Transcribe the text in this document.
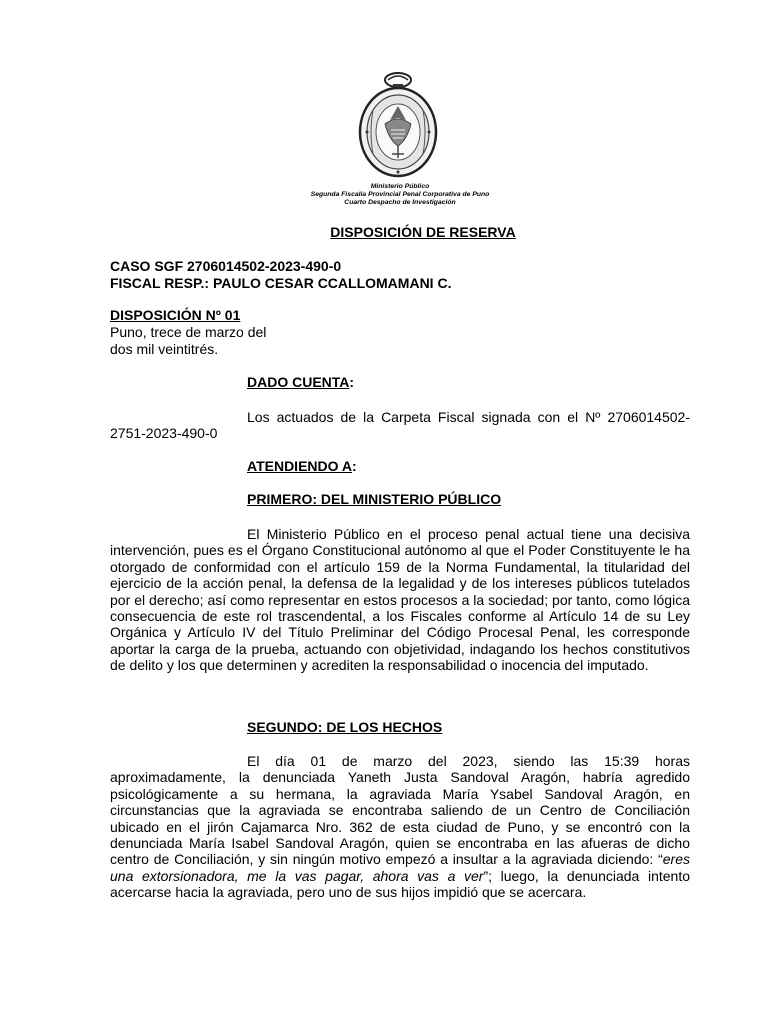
Ministerio Público
Segunda Fiscalía Provincial Penal Corporativa de Puno
Cuarto Despacho de Investigación
DISPOSICIÓN DE RESERVA
CASO SGF 2706014502-2023-490-0
FISCAL RESP.: PAULO CESAR CCALLOMAMANI C.
DISPOSICIÓN Nº 01
Puno, trece de marzo del
dos mil veintitrés.
DADO CUENTA:
Los actuados de la Carpeta Fiscal signada con el Nº 2706014502-2751-2023-490-0
ATENDIENDO A:
PRIMERO: DEL MINISTERIO PÚBLICO
El Ministerio Público en el proceso penal actual tiene una decisiva intervención, pues es el Órgano Constitucional autónomo al que el Poder Constituyente le ha otorgado de conformidad con el artículo 159 de la Norma Fundamental, la titularidad del ejercicio de la acción penal, la defensa de la legalidad y de los intereses públicos tutelados por el derecho; así como representar en estos procesos a la sociedad; por tanto, como lógica consecuencia de este rol trascendental, a los Fiscales conforme al Artículo 14 de su Ley Orgánica y Artículo IV del Título Preliminar del Código Procesal Penal, les corresponde aportar la carga de la prueba, actuando con objetividad, indagando los hechos constitutivos de delito y los que determinen y acrediten la responsabilidad o inocencia del imputado.
SEGUNDO: DE LOS HECHOS
El día 01 de marzo del 2023, siendo las 15:39 horas aproximadamente, la denunciada Yaneth Justa Sandoval Aragón, habría agredido psicológicamente a su hermana, la agraviada María Ysabel Sandoval Aragón, en circunstancias que la agraviada se encontraba saliendo de un Centro de Conciliación ubicado en el jirón Cajamarca Nro. 362 de esta ciudad de Puno, y se encontró con la denunciada María Isabel Sandoval Aragón, quien se encontraba en las afueras de dicho centro de Conciliación, y sin ningún motivo empezó a insultar a la agraviada diciendo: “eres una extorsionadora, me la vas pagar, ahora vas a ver”; luego, la denunciada intento acercarse hacia la agraviada, pero uno de sus hijos impidió que se acercara.
